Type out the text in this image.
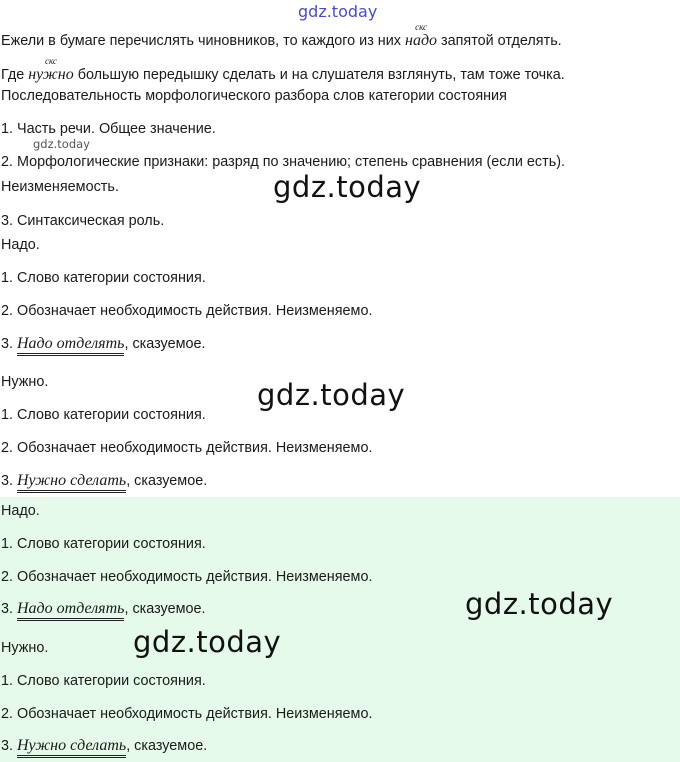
gdz.today
Ежели в бумаге перечислять чиновников, то каждого из них
скс
надо запятой отделять.
Где
скс
нужно большую передышку сделать и на слушателя взглянуть, там тоже точка.
Последовательность морфологического разбора слов категории состояния
1. Часть речи. Общее значение.
gdz.today
2. Морфологические признаки: разряд по значению; степень сравнения (если есть).
Неизменяемость.
3. Синтаксическая роль.
Надо.
1. Слово категории состояния.
2. Обозначает необходимость действия. Неизменяемо.
3. Надо отделять, сказуемое.
Нужно.
1. Слово категории состояния.
2. Обозначает необходимость действия. Неизменяемо.
3. Нужно сделать, сказуемое.
Надо.
1. Слово категории состояния.
2. Обозначает необходимость действия. Неизменяемо.
3. Надо отделять, сказуемое.
Нужно.
1. Слово категории состояния.
2. Обозначает необходимость действия. Неизменяемо.
3. Нужно сделать, сказуемое.
gdz.today
gdz.today
gdz.today
gdz.today
